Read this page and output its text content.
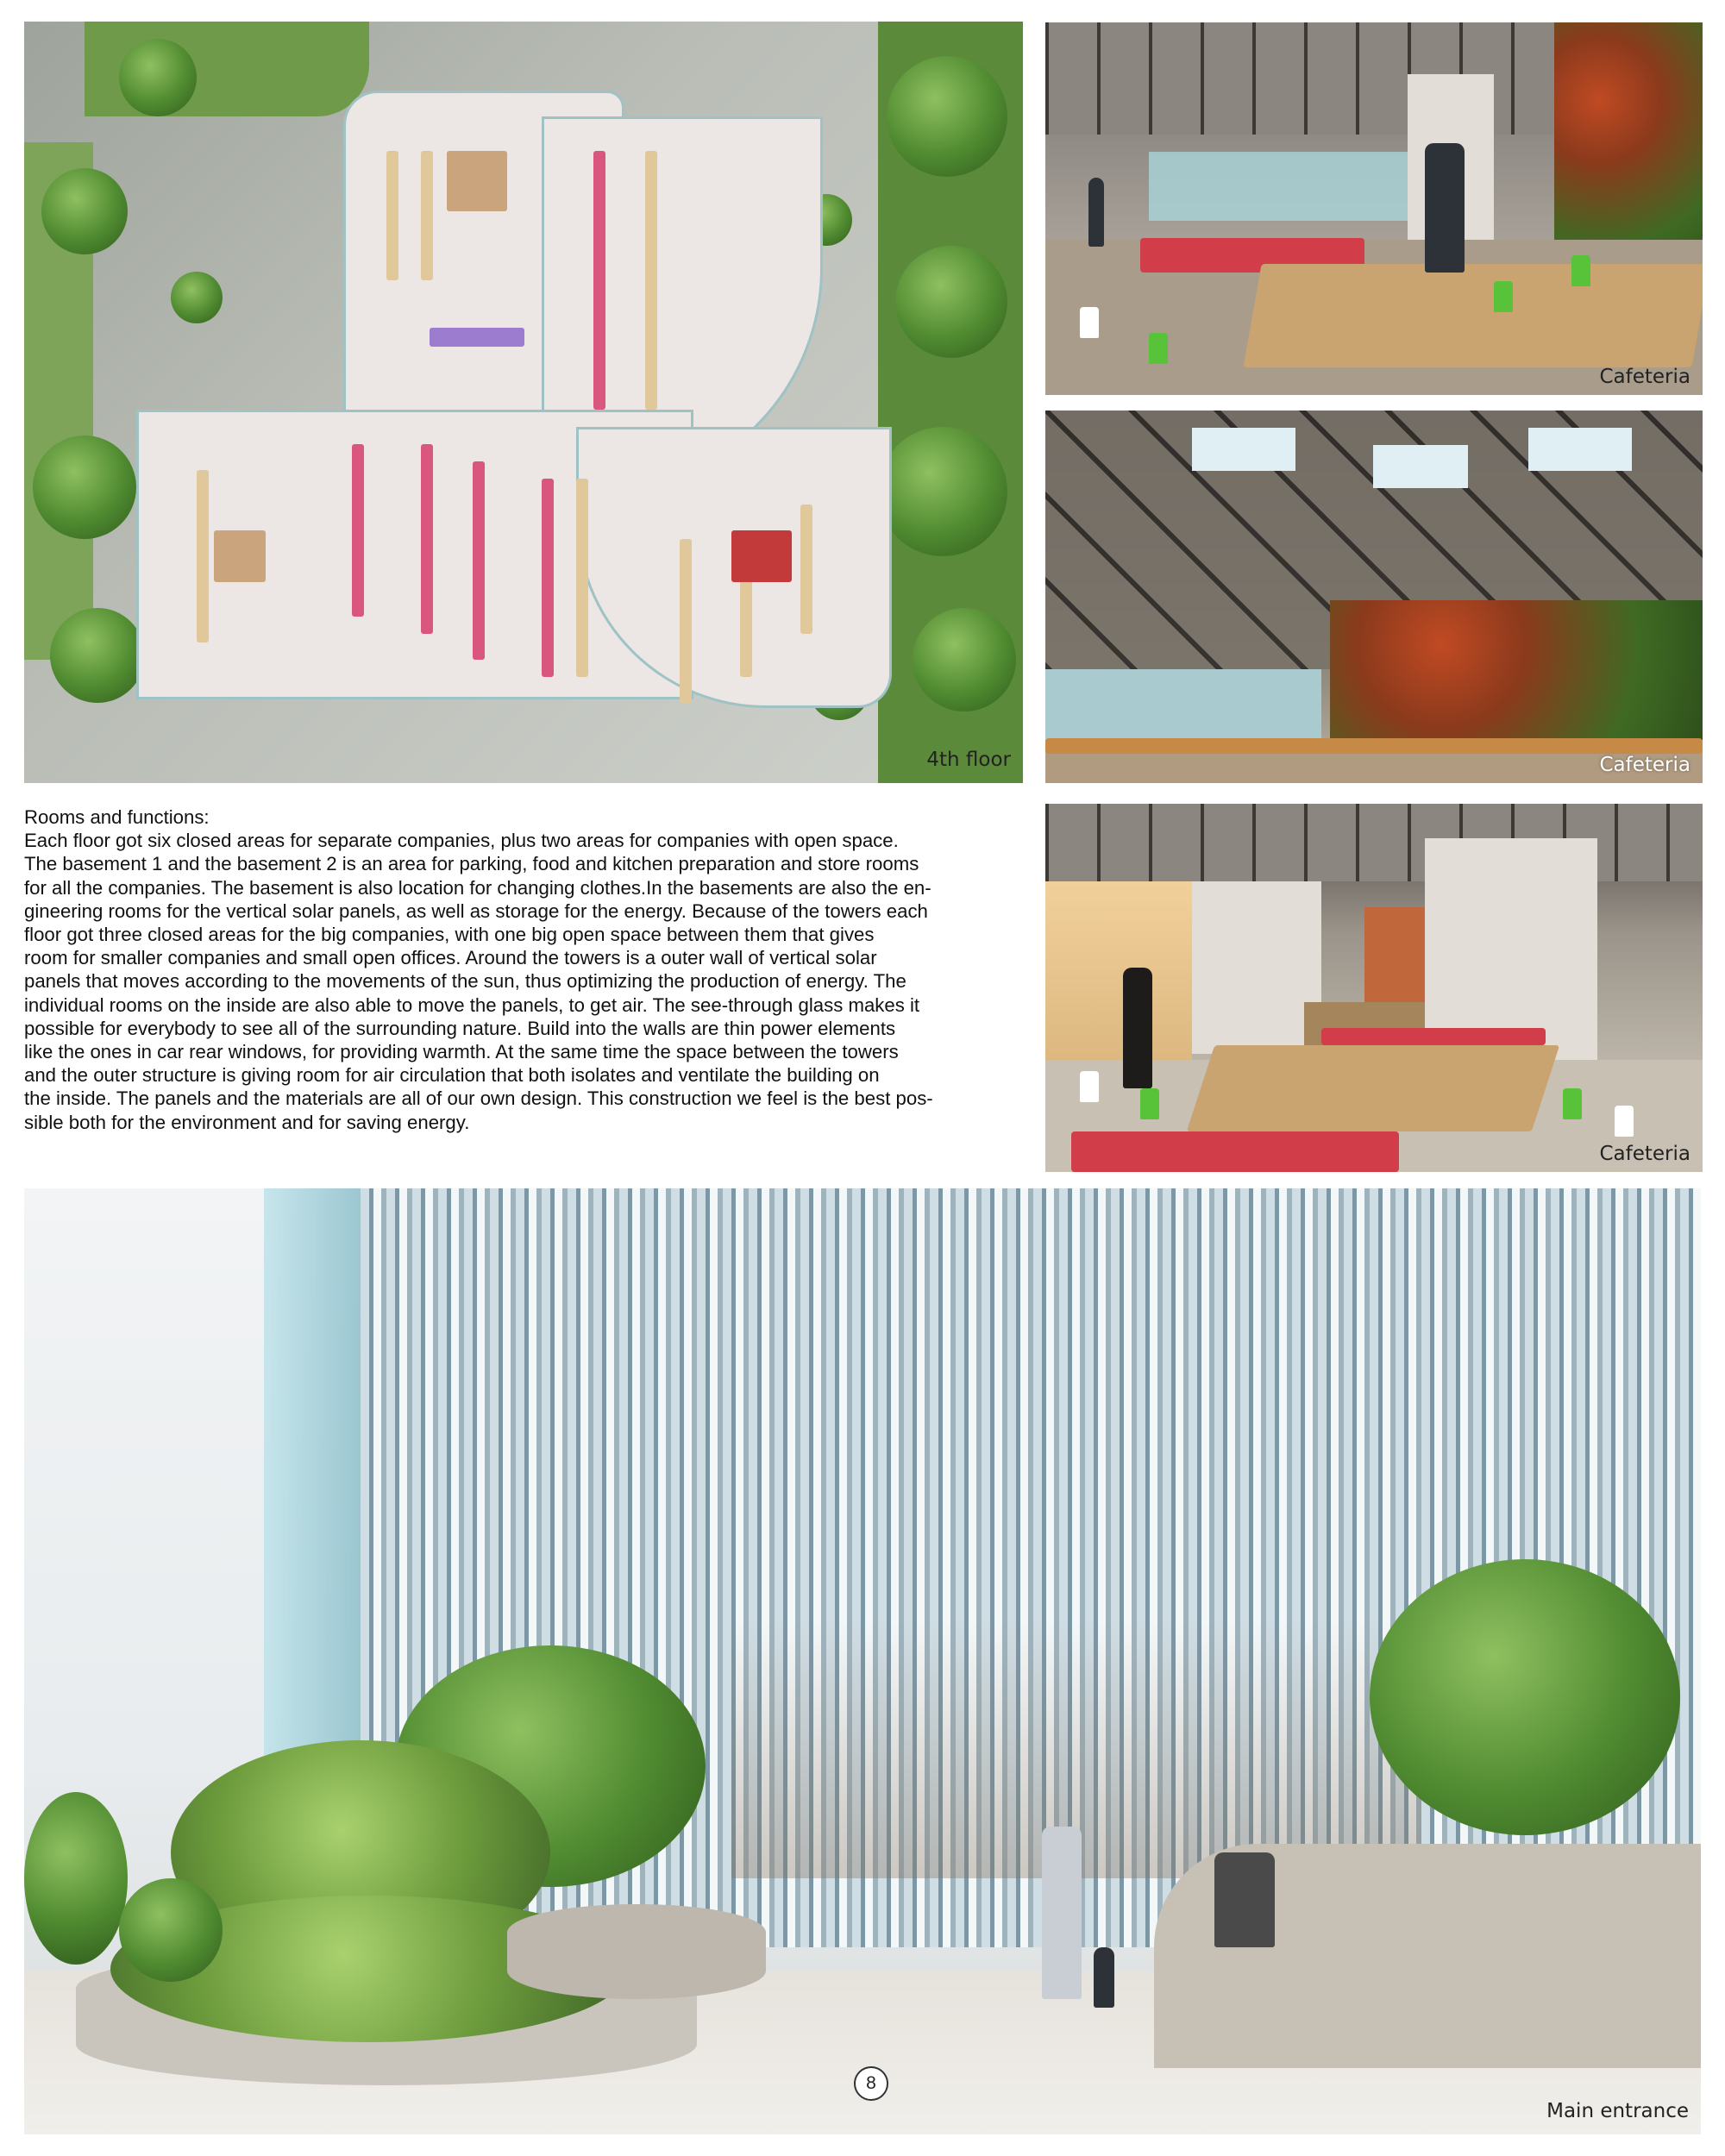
4th floor
Cafeteria
Cafeteria
Cafeteria

Rooms and functions:

Each floor got six closed areas for separate companies, plus two areas for companies with open space.

The basement 1 and the basement 2 is an area for parking, food and kitchen preparation and store rooms

for all the companies. The basement is also location for changing clothes.In the basements are also the en-

gineering rooms for the vertical solar panels, as well as storage for the energy. Because of the towers each

floor got three closed areas for the big companies, with one big open space between them that gives

room for smaller companies and small open offices. Around the towers is a outer wall of vertical solar

panels that moves according to the movements of the sun, thus optimizing the production of energy. The

individual rooms on the inside are also able to move the panels, to get air. The see-through glass makes it

possible for everybody to see all of the surrounding nature. Build into the walls are thin power elements

like the ones in car rear windows, for providing warmth. At the same time the space between the towers

and the outer structure is giving room for air circulation that both isolates and ventilate the building on

the inside. The panels and the materials are all of our own design. This construction we feel is the best pos-

sible both for the environment and for saving energy.

8
Main entrance
